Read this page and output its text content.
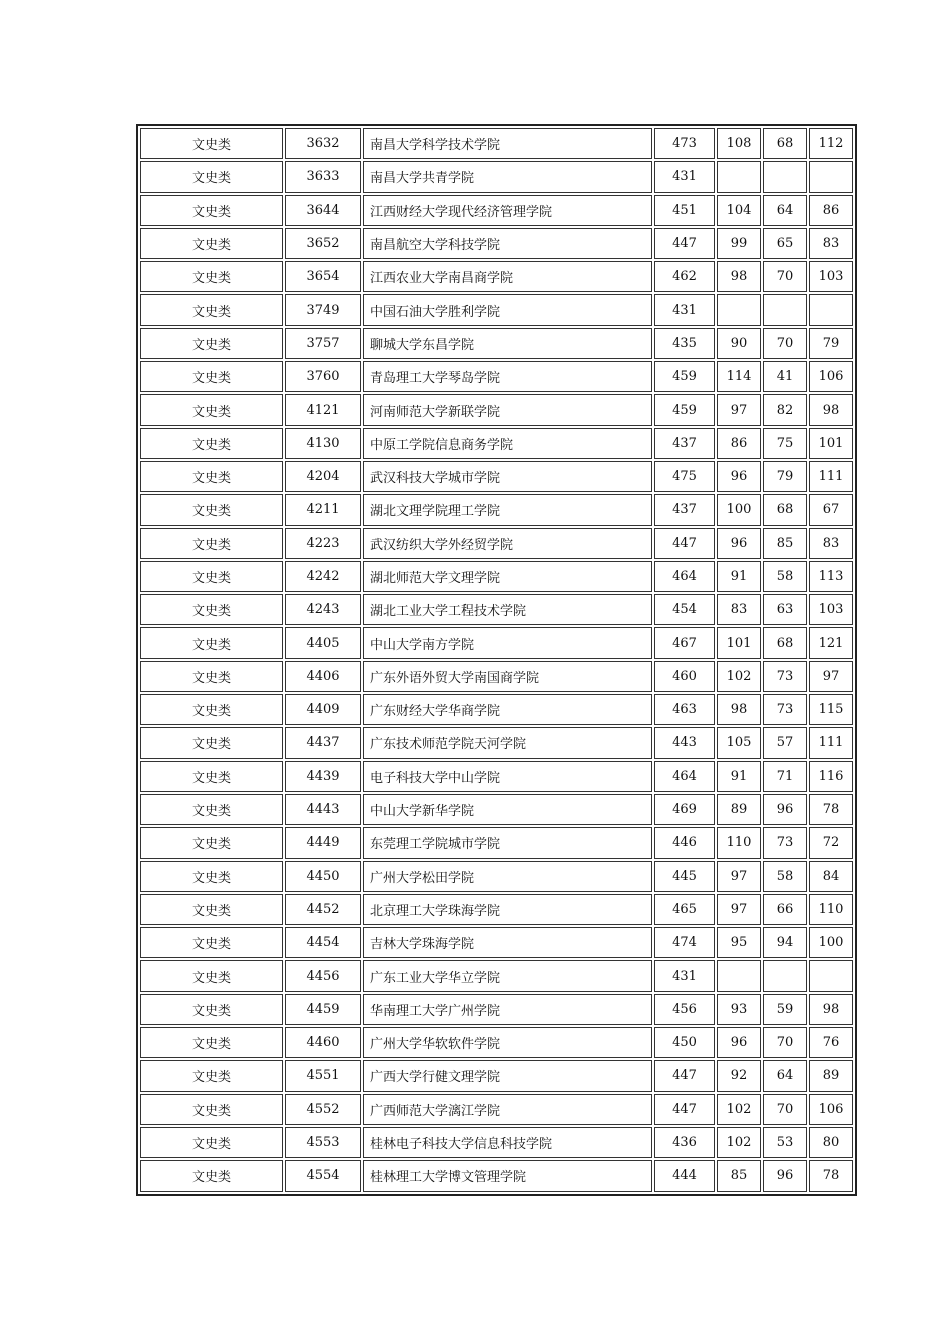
文史类	3632	南昌大学科学技术学院	473	108	68	112
文史类	3633	南昌大学共青学院	431			
文史类	3644	江西财经大学现代经济管理学院	451	104	64	86
文史类	3652	南昌航空大学科技学院	447	99	65	83
文史类	3654	江西农业大学南昌商学院	462	98	70	103
文史类	3749	中国石油大学胜利学院	431			
文史类	3757	聊城大学东昌学院	435	90	70	79
文史类	3760	青岛理工大学琴岛学院	459	114	41	106
文史类	4121	河南师范大学新联学院	459	97	82	98
文史类	4130	中原工学院信息商务学院	437	86	75	101
文史类	4204	武汉科技大学城市学院	475	96	79	111
文史类	4211	湖北文理学院理工学院	437	100	68	67
文史类	4223	武汉纺织大学外经贸学院	447	96	85	83
文史类	4242	湖北师范大学文理学院	464	91	58	113
文史类	4243	湖北工业大学工程技术学院	454	83	63	103
文史类	4405	中山大学南方学院	467	101	68	121
文史类	4406	广东外语外贸大学南国商学院	460	102	73	97
文史类	4409	广东财经大学华商学院	463	98	73	115
文史类	4437	广东技术师范学院天河学院	443	105	57	111
文史类	4439	电子科技大学中山学院	464	91	71	116
文史类	4443	中山大学新华学院	469	89	96	78
文史类	4449	东莞理工学院城市学院	446	110	73	72
文史类	4450	广州大学松田学院	445	97	58	84
文史类	4452	北京理工大学珠海学院	465	97	66	110
文史类	4454	吉林大学珠海学院	474	95	94	100
文史类	4456	广东工业大学华立学院	431			
文史类	4459	华南理工大学广州学院	456	93	59	98
文史类	4460	广州大学华软软件学院	450	96	70	76
文史类	4551	广西大学行健文理学院	447	92	64	89
文史类	4552	广西师范大学漓江学院	447	102	70	106
文史类	4553	桂林电子科技大学信息科技学院	436	102	53	80
文史类	4554	桂林理工大学博文管理学院	444	85	96	78
